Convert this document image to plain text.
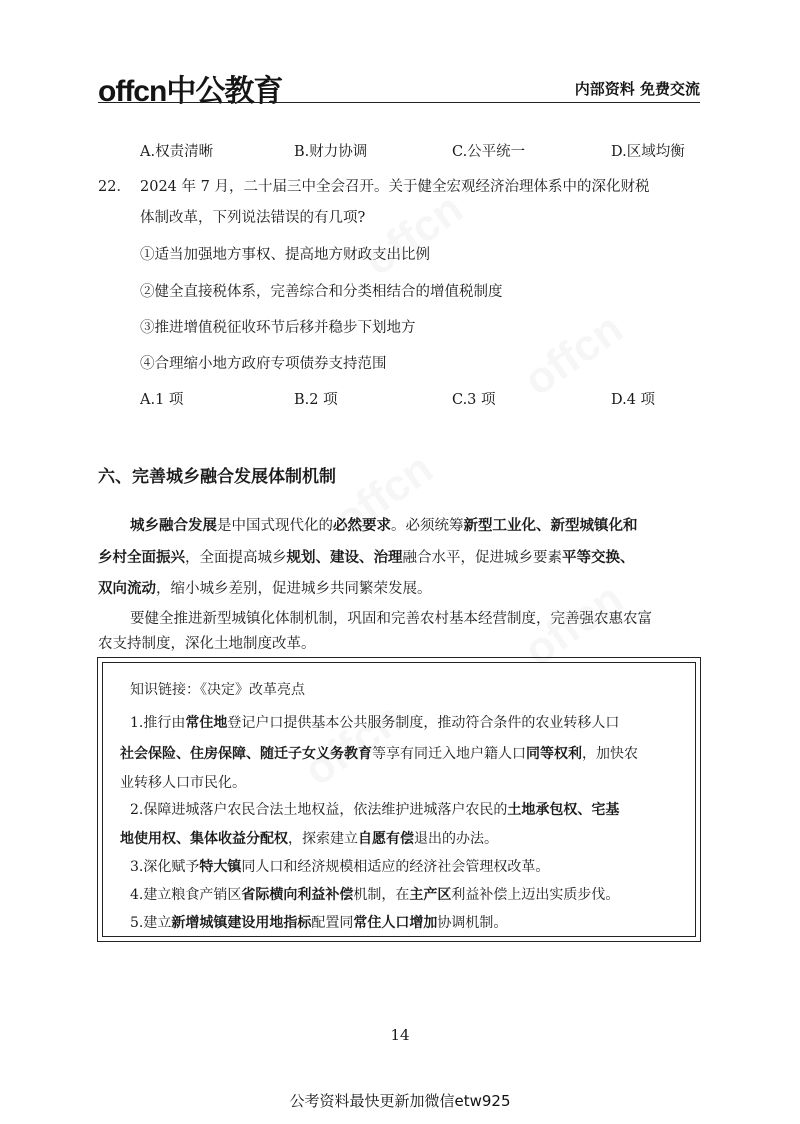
offcn中公教育	内部资料 免费交流
A.权责清晰	B.财力协调	C.公平统一	D.区域均衡
22． 2024 年 7 月，二十届三中全会召开。关于健全宏观经济治理体系中的深化财税
体制改革，下列说法错误的有几项?
①适当加强地方事权、提高地方财政支出比例
②健全直接税体系，完善综合和分类相结合的增值税制度
③推进增值税征收环节后移并稳步下划地方
④合理缩小地方政府专项债券支持范围
A.1 项	B.2 项	C.3 项	D.4 项
六、完善城乡融合发展体制机制
城乡融合发展是中国式现代化的必然要求。必须统筹新型工业化、新型城镇化和
乡村全面振兴，全面提高城乡规划、建设、治理融合水平，促进城乡要素平等交换、
双向流动，缩小城乡差别，促进城乡共同繁荣发展。
要健全推进新型城镇化体制机制，巩固和完善农村基本经营制度，完善强农惠农富
农支持制度，深化土地制度改革。
知识链接：《决定》改革亮点
1.推行由常住地登记户口提供基本公共服务制度，推动符合条件的农业转移人口
社会保险、住房保障、随迁子女义务教育等享有同迁入地户籍人口同等权利，加快农
业转移人口市民化。
2.保障进城落户农民合法土地权益，依法维护进城落户农民的土地承包权、宅基
地使用权、集体收益分配权，探索建立自愿有偿退出的办法。
3.深化赋予特大镇同人口和经济规模相适应的经济社会管理权改革。
4.建立粮食产销区省际横向利益补偿机制，在主产区利益补偿上迈出实质步伐。
5.建立新增城镇建设用地指标配置同常住人口增加协调机制。
14
公考资料最快更新加微信etw925
